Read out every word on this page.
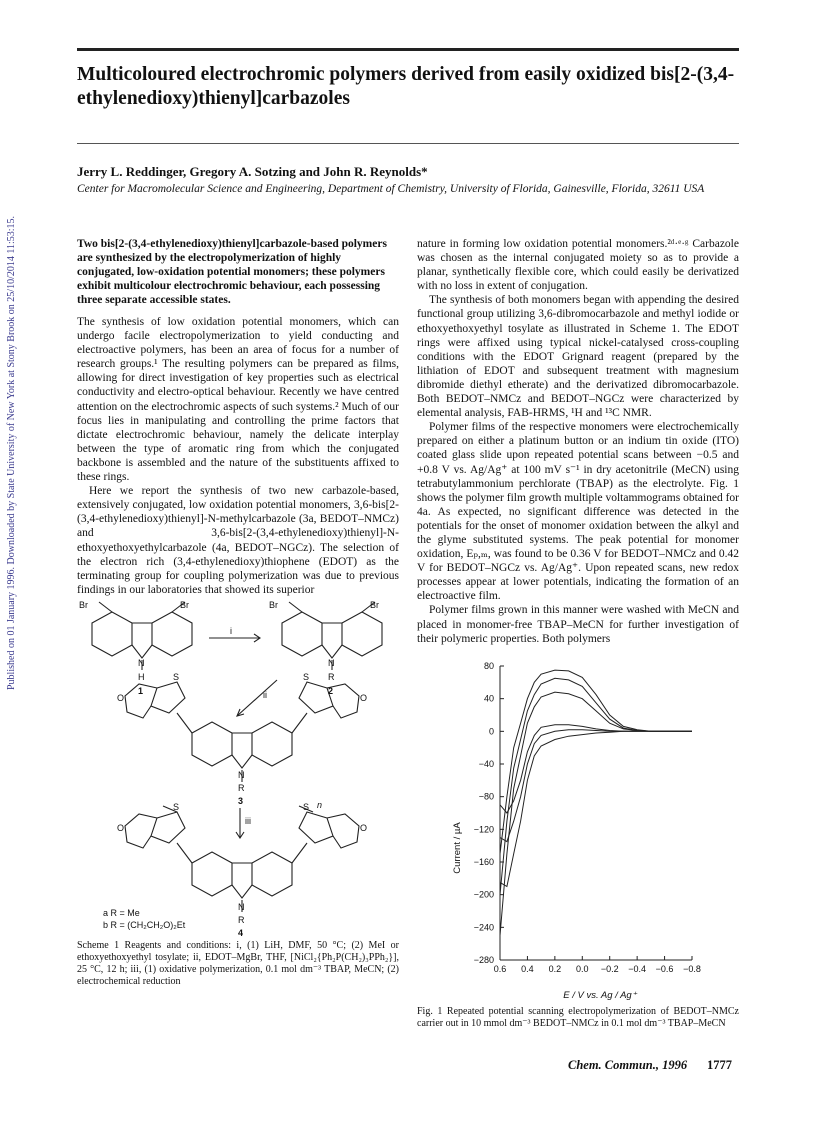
Published on 01 January 1996. Downloaded by State University of New York at Stony Brook on 25/10/2014 11:53:15.
Multicoloured electrochromic polymers derived from easily oxidized bis[2-(3,4-ethylenedioxy)thienyl]carbazoles
Jerry L. Reddinger, Gregory A. Sotzing and John R. Reynolds*
Center for Macromolecular Science and Engineering, Department of Chemistry, University of Florida, Gainesville, Florida, 32611 USA
Two bis[2-(3,4-ethylenedioxy)thienyl]carbazole-based polymers are synthesized by the electropolymerization of highly conjugated, low-oxidation potential monomers; these polymers exhibit multicolour electrochromic behaviour, each possessing three separate accessible states.

The synthesis of low oxidation potential monomers, which can undergo facile electropolymerization to yield conducting and electroactive polymers, has been an area of focus for a number of research groups.¹ The resulting polymers can be prepared as films, allowing for direct investigation of key properties such as electrical conductivity and electro-optical behaviour. Recently we have centred attention on the electrochromic aspects of such systems.² Much of our focus lies in manipulating and controlling the prime factors that dictate electrochromic behaviour, namely the delicate interplay between the type of aromatic ring from which the conjugated backbone is assembled and the nature of the substituents affixed to these rings.

Here we report the synthesis of two new carbazole-based, extensively conjugated, low oxidation potential monomers, 3,6-bis[2-(3,4-ethylenedioxy)thienyl]-N-methylcarbazole (3a, BEDOT–NMCz) and 3,6-bis[2-(3,4-ethylenedioxy)thienyl]-N-ethoxyethoxyethylcarbazole (4a, BEDOT–NGCz). The selection of the electron rich (3,4-ethylenedioxy)thiophene (EDOT) as the terminating group for coupling polymerization was due to previous findings in our laboratories that showed its superior

nature in forming low oxidation potential monomers.²ᵈ·ᵉ·ᵍ Carbazole was chosen as the internal conjugated moiety so as to provide a planar, synthetically flexible core, which could easily be derivatized with no loss in extent of conjugation.

The synthesis of both monomers began with appending the desired functional group utilizing 3,6-dibromocarbazole and methyl iodide or ethoxyethoxyethyl tosylate as illustrated in Scheme 1. The EDOT rings were affixed using typical nickel-catalysed cross-coupling conditions with the EDOT Grignard reagent (prepared by the lithiation of EDOT and subsequent treatment with magnesium dibromide diethyl etherate) and the derivatized dibromocarbazole. Both BEDOT–NMCz and BEDOT–NGCz were characterized by elemental analysis, FAB-HRMS, ¹H and ¹³C NMR.

Polymer films of the respective monomers were electrochemically prepared on either a platinum button or an indium tin oxide (ITO) coated glass slide upon repeated potential scans between −0.5 and +0.8 V vs. Ag/Ag⁺ at 100 mV s⁻¹ in dry acetonitrile (MeCN) using tetrabutylammonium perchlorate (TBAP) as the electrolyte. Fig. 1 shows the polymer film growth multiple voltammograms obtained for 4a. As expected, no significant difference was detected in the potentials for the onset of monomer oxidation between the alkyl and the glyme substituted systems. The peak potential for monomer oxidation, Eₚ,ₘ, was found to be 0.36 V for BEDOT–NMCz and 0.42 V for BEDOT–NGCz vs. Ag/Ag⁺. Upon repeated scans, new redox processes appear at lower potentials, indicating the formation of an electroactive film.

Polymer films grown in this manner were washed with MeCN and placed in monomer-free TBAP–MeCN for further investigation of their polymeric properties. Both polymers

Br	Br
N
H
1
i
Br	Br
N
R
2
ii
O
S	S
O
N
R
3
iii
O
S	S
O
n
N
R
4
a R = Me
b R = (CH₂CH₂O)₂Et
Scheme 1 Reagents and conditions: i, (1) LiH, DMF, 50 °C; (2) MeI or ethoxyethoxyethyl tosylate; ii, EDOT–MgBr, THF, [NiCl₂{Ph₂P(CH₂)₃PPh₂}], 25 °C, 12 h; iii, (1) oxidative polymerization, 0.1 mol dm⁻³ TBAP, MeCN; (2) electrochemical reduction
80
40
0
−40
−80
−120
−160
−200
−240
−280
0.6 0.4 0.2 0.0 −0.2 −0.4 −0.6 −0.8
Current / µA
E / V vs. Ag / Ag⁺
Fig. 1 Repeated potential scanning electropolymerization of BEDOT–NMCz carrier out in 10 mmol dm⁻³ BEDOT–NMCz in 0.1 mol dm⁻³ TBAP–MeCN
Chem. Commun., 1996 1777
